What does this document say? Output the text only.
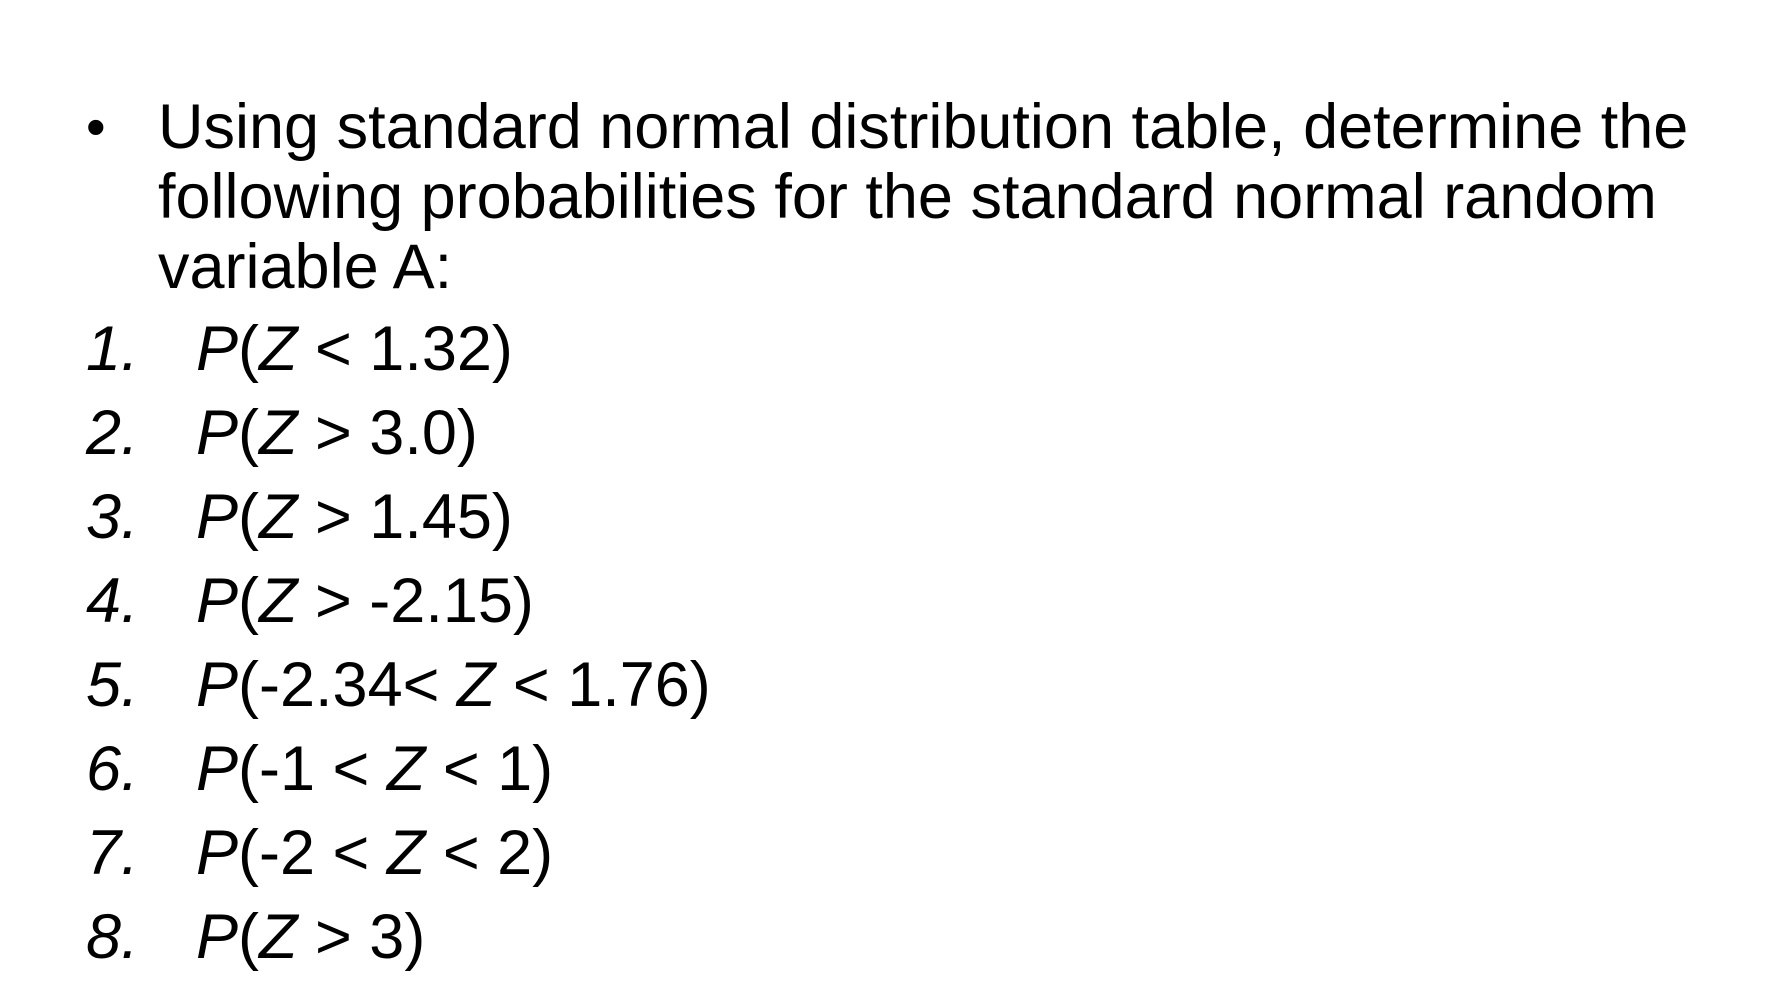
• Using standard normal distribution table, determine the following probabilities for the standard normal random variable A:
1. P(Z < 1.32)
2. P(Z > 3.0)
3. P(Z > 1.45)
4. P(Z > -2.15)
5. P(-2.34< Z < 1.76)
6. P(-1 < Z < 1)
7. P(-2 < Z < 2)
8. P(Z > 3)
